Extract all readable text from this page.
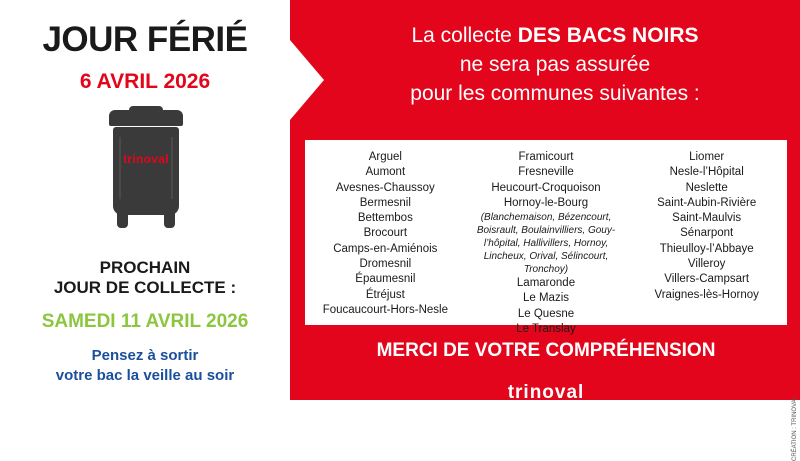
JOUR FÉRIÉ
6 AVRIL 2026
trinoval
PROCHAIN
JOUR DE COLLECTE :
SAMEDI 11 AVRIL 2026
Pensez à sortir
votre bac la veille au soir
La collecte DES BACS NOIRS
ne sera pas assurée
pour les communes suivantes :
Arguel
Aumont
Avesnes-Chaussoy
Bermesnil
Bettembos
Brocourt
Camps-en-Amiénois
Dromesnil
Épaumesnil
Étréjust
Foucaucourt-Hors-Nesle
Framicourt
Fresneville
Heucourt-Croquoison
Hornoy-le-Bourg
(Blanchemaison, Bézencourt, Boisrault, Boulainvilliers, Gouy-l’hôpital, Hallivillers, Hornoy, Lincheux, Orival, Sélincourt, Tronchoy)
Lamaronde
Le Mazis
Le Quesne
Le Translay
Liomer
Nesle-l’Hôpital
Neslette
Saint-Aubin-Rivière
Saint-Maulvis
Sénarpont
Thieulloy-l’Abbaye
Villeroy
Villers-Campsart
Vraignes-lès-Hornoy
MERCI DE VOTRE COMPRÉHENSION
trinoval
CRÉATION : TRINOVAL
